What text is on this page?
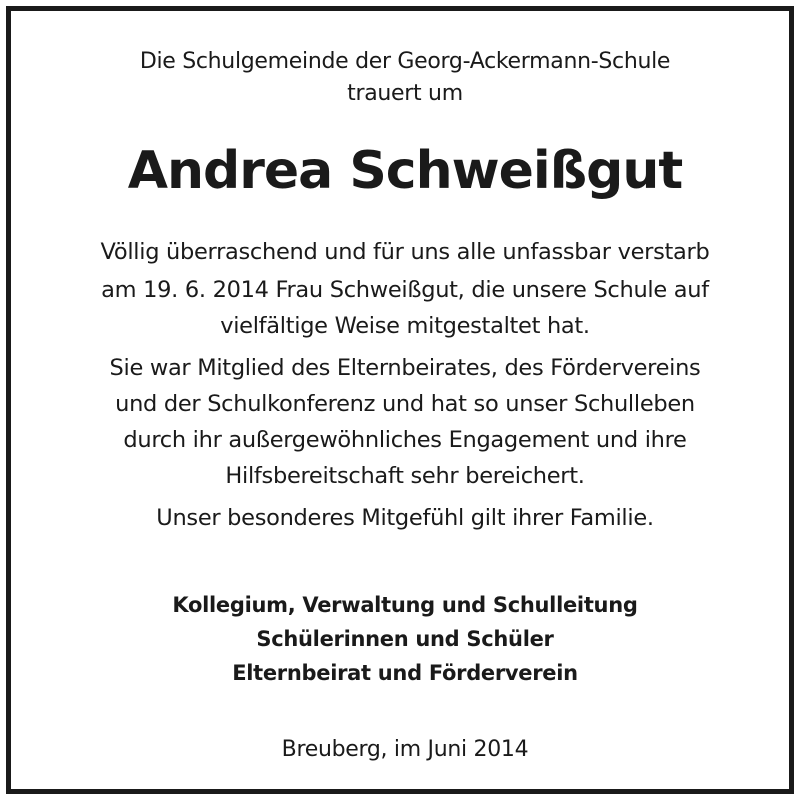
Die Schulgemeinde der Georg-Ackermann-Schule
trauert um
Andrea Schweißgut
Völlig überraschend und für uns alle unfassbar verstarb
am 19. 6. 2014 Frau Schweißgut, die unsere Schule auf
vielfältige Weise mitgestaltet hat.
Sie war Mitglied des Elternbeirates, des Fördervereins
und der Schulkonferenz und hat so unser Schulleben
durch ihr außergewöhnliches Engagement und ihre
Hilfsbereitschaft sehr bereichert.
Unser besonderes Mitgefühl gilt ihrer Familie.
Kollegium, Verwaltung und Schulleitung
Schülerinnen und Schüler
Elternbeirat und Förderverein
Breuberg, im Juni 2014
